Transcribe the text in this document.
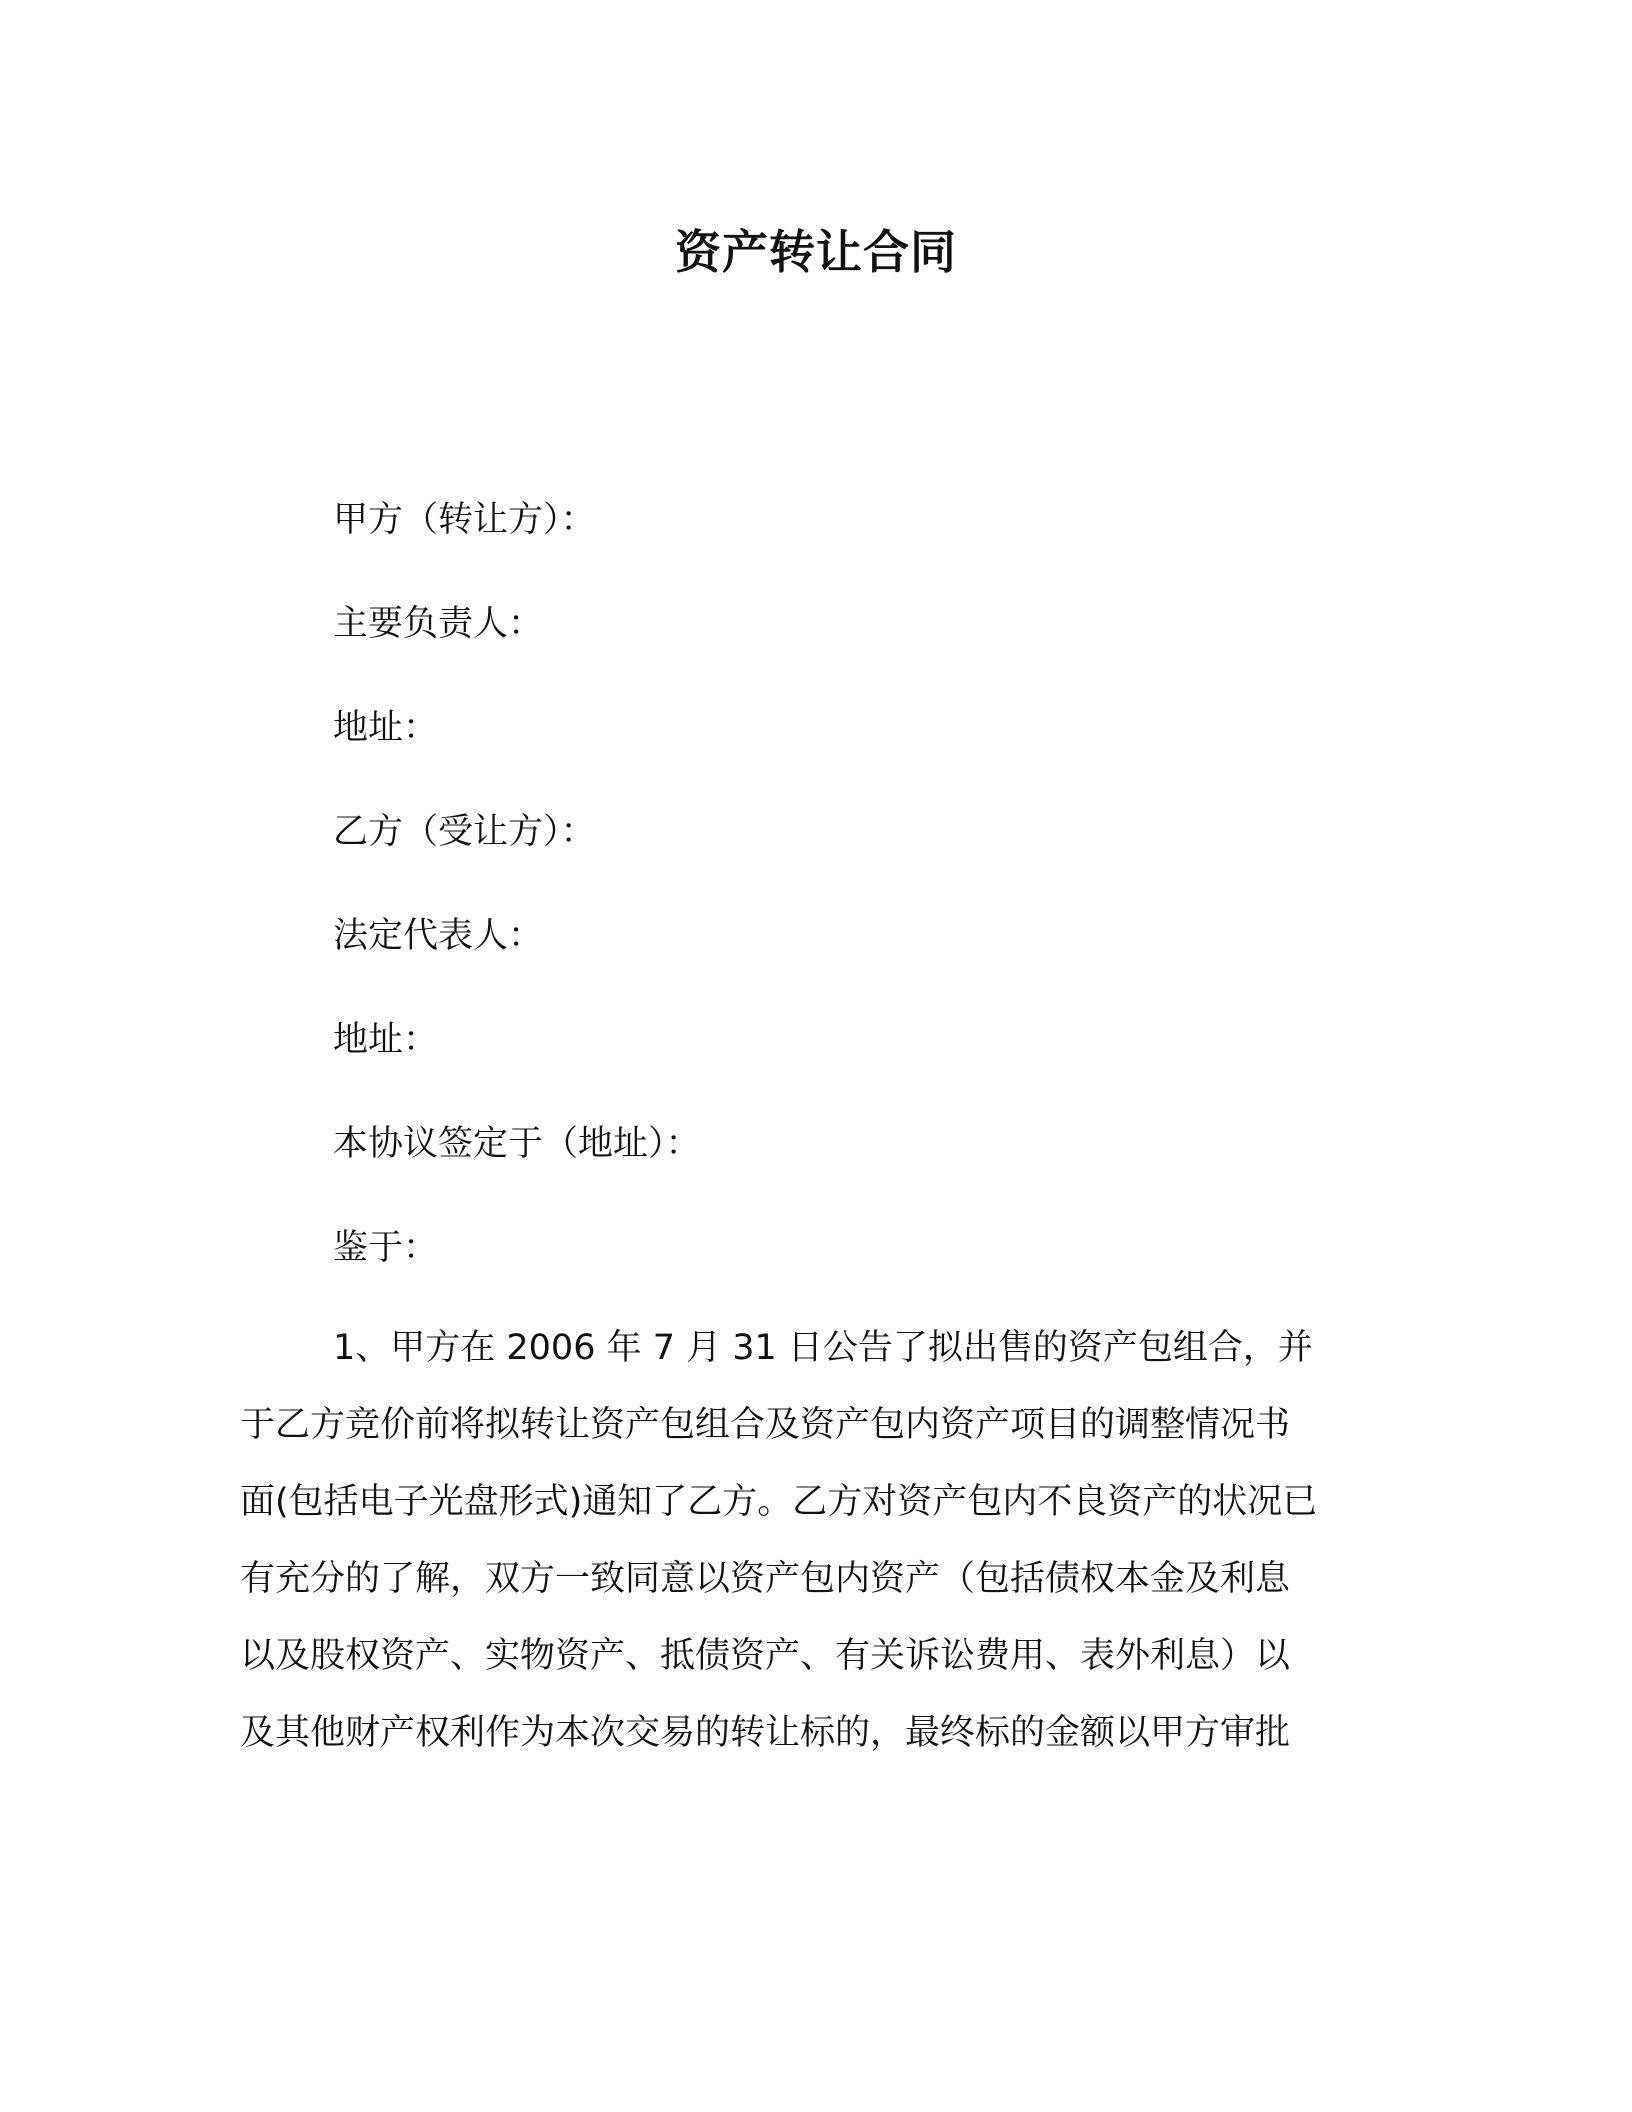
资产转让合同
甲方（转让方）：
主要负责人：
地址：
乙方（受让方）：
法定代表人：
地址：
本协议签定于（地址）：
鉴于：
1、甲方在 2006 年 7 月 31 日公告了拟出售的资产包组合，并
于乙方竞价前将拟转让资产包组合及资产包内资产项目的调整情况书
面(包括电子光盘形式)通知了乙方。乙方对资产包内不良资产的状况已
有充分的了解，双方一致同意以资产包内资产（包括债权本金及利息
以及股权资产、实物资产、抵债资产、有关诉讼费用、表外利息）以
及其他财产权利作为本次交易的转让标的，最终标的金额以甲方审批
